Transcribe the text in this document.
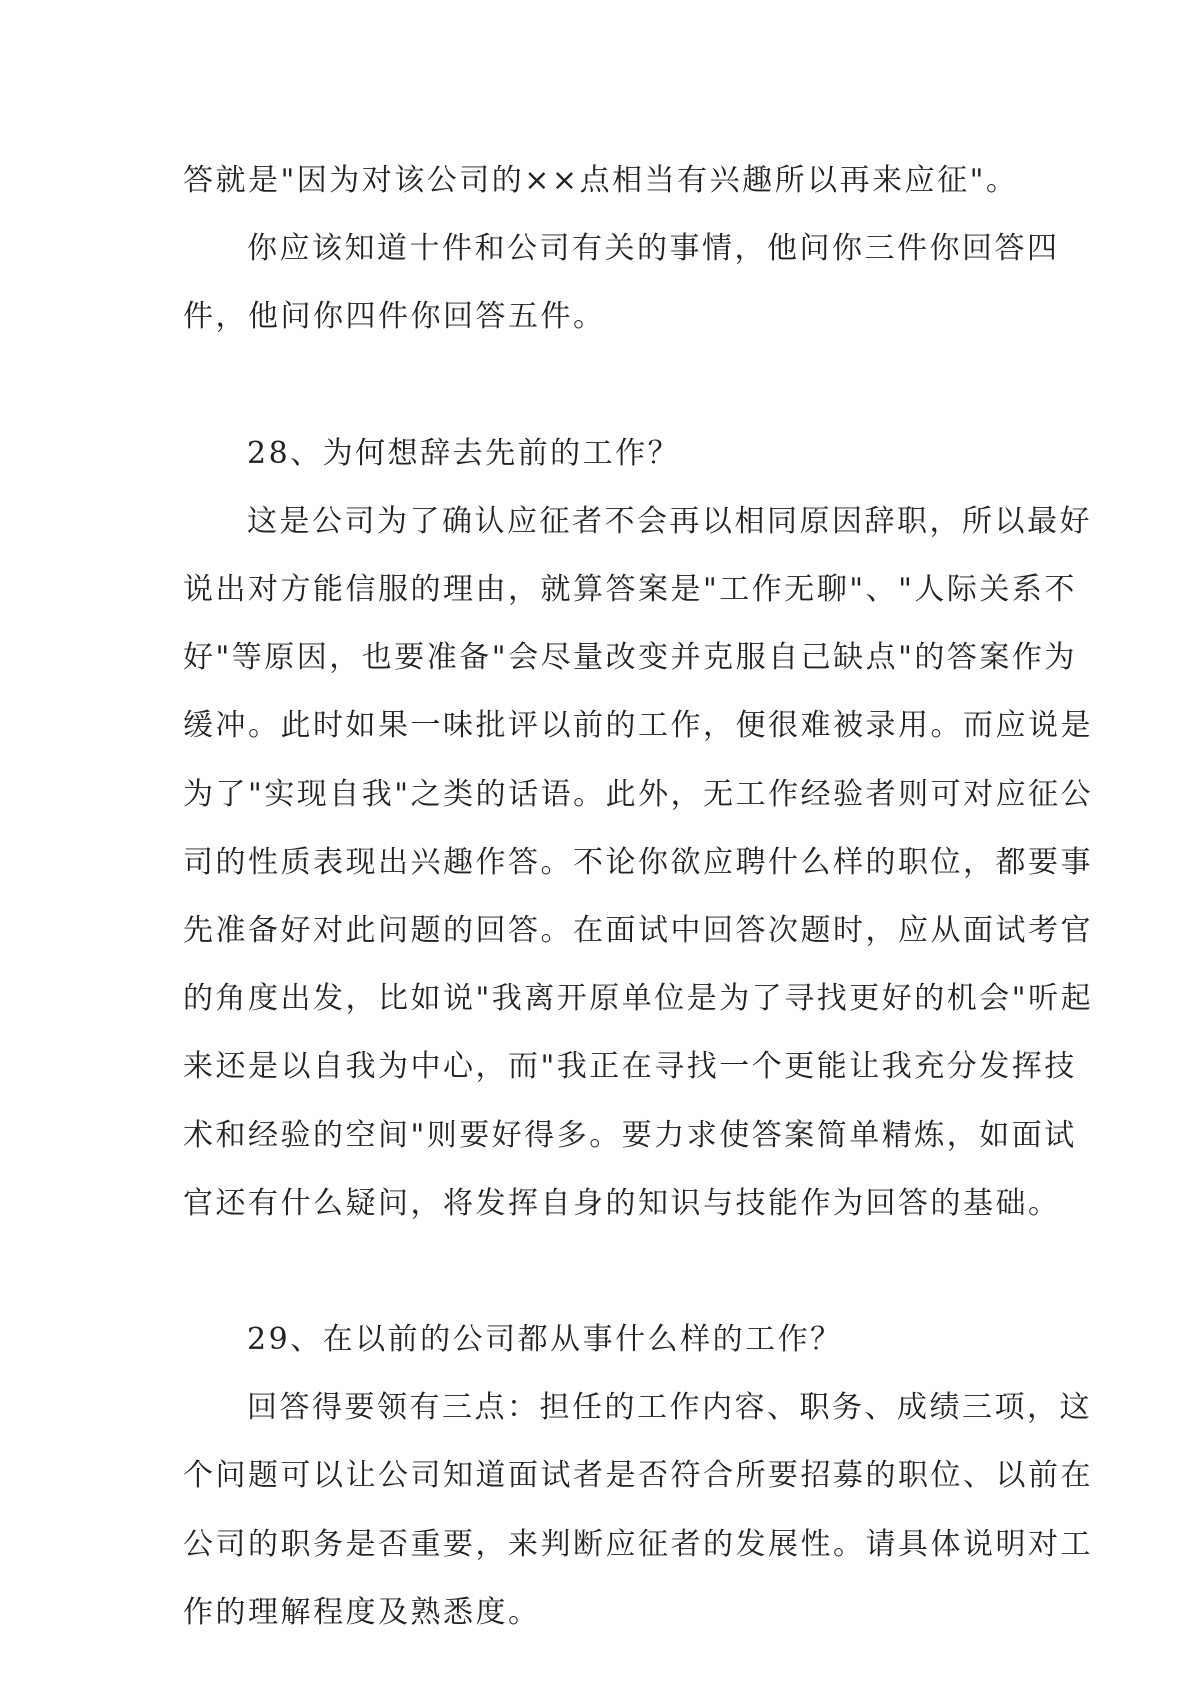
答就是"因为对该公司的××点相当有兴趣所以再来应征"。

你应该知道十件和公司有关的事情，他问你三件你回答四

件，他问你四件你回答五件。

28、为何想辞去先前的工作？

这是公司为了确认应征者不会再以相同原因辞职，所以最好

说出对方能信服的理由，就算答案是"工作无聊"、"人际关系不

好"等原因，也要准备"会尽量改变并克服自己缺点"的答案作为

缓冲。此时如果一味批评以前的工作，便很难被录用。而应说是

为了"实现自我"之类的话语。此外，无工作经验者则可对应征公

司的性质表现出兴趣作答。不论你欲应聘什么样的职位，都要事

先准备好对此问题的回答。在面试中回答次题时，应从面试考官

的角度出发，比如说"我离开原单位是为了寻找更好的机会"听起

来还是以自我为中心，而"我正在寻找一个更能让我充分发挥技

术和经验的空间"则要好得多。要力求使答案简单精炼，如面试

官还有什么疑问，将发挥自身的知识与技能作为回答的基础。

29、在以前的公司都从事什么样的工作？

回答得要领有三点：担任的工作内容、职务、成绩三项，这

个问题可以让公司知道面试者是否符合所要招募的职位、以前在

公司的职务是否重要，来判断应征者的发展性。请具体说明对工

作的理解程度及熟悉度。
